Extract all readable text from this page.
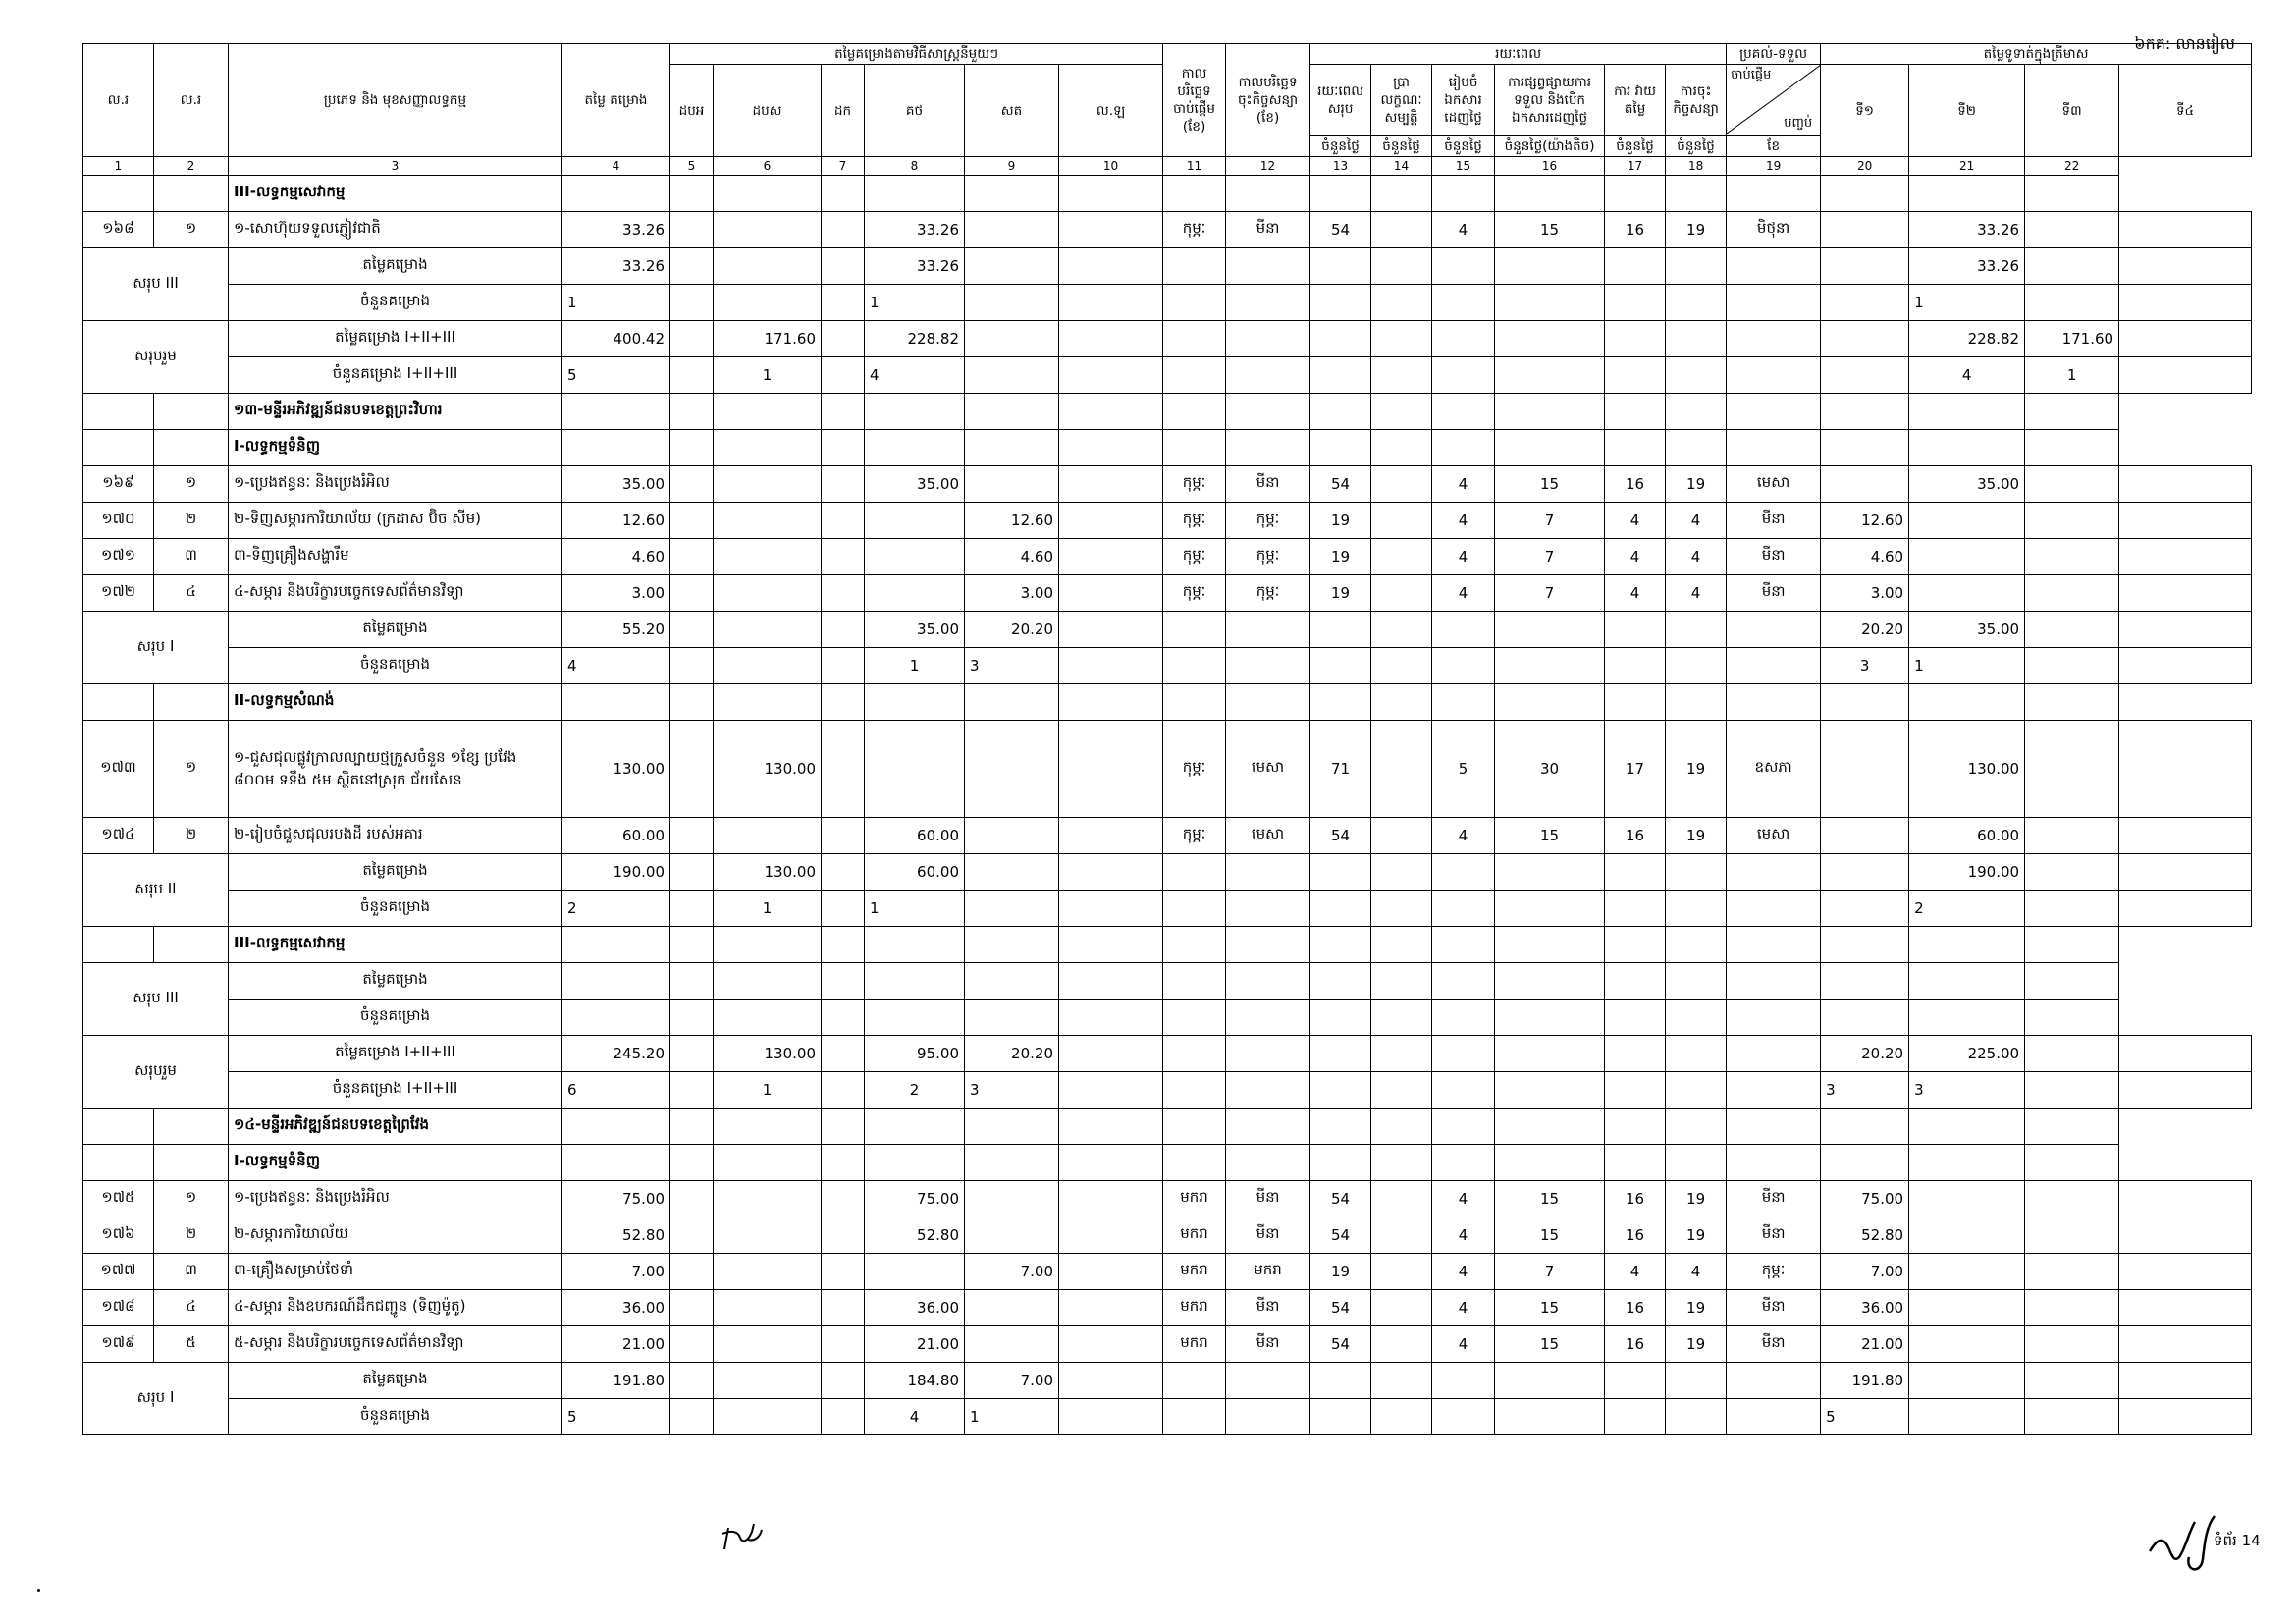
៦កគ: លានរៀល
ល.រ	ល.រ	ប្រភេទ និង មុខសញ្ញាលទ្ធកម្ម	តម្លៃ គម្រោង	តម្លៃគម្រោងតាមវិធីសាស្ត្រនីមួយៗ						កាល បរិច្ឆេទ ចាប់ផ្តើម (ខែ)	កាលបរិច្ឆេទ ចុះកិច្ចសន្យា (ខែ)	រយៈពេល						ប្រគល់-ទទួល	តម្លៃទូទាត់ក្នុងត្រីមាស			
				ដបអ	ដបស	ដក	គថ	សត	ល.ឡ			រយៈពេល សរុប	ប្រា លក្ខណៈ សម្បត្តិ	រៀបចំ ឯកសារ ដេញថ្លៃ	ការផ្សព្វផ្សាយការ ទទួល និងបើក ឯកសារដេញថ្លៃ	ការ វាយតម្លៃ	ការចុះ កិច្ចសន្យា	ចាប់ផ្តើម
បញ្ចប់	ទី១	ទី២	ទី៣	ទី៤
												ចំនួនថ្ងៃ	ចំនួនថ្ងៃ	ចំនួនថ្ងៃ	ចំនួនថ្ងៃ(យ៉ាងតិច)	ចំនួនថ្ងៃ	ចំនួនថ្ងៃ	ខែ				
1	2	3	4	5	6	7	8	9	10	11	12	13	14	15	16	17	18	19	20	21	22	
		III-លទ្ធកម្មសេវាកម្ម																				
១៦៨	១	១-សោហ៊ុយទទួលភ្ញៀវជាតិ	33.26				33.26			កុម្ភៈ	មីនា	54		4	15	16	19	មិថុនា		33.26		
សរុប III		តម្លៃគម្រោង	33.26				33.26													33.26		
		ចំនួនគម្រោង	1				1													1		
សរុបរួម		តម្លៃគម្រោង I+II+III	400.42		171.60		228.82													228.82	171.60	
		ចំនួនគម្រោង I+II+III	5		1		4													4	1	
		១៣-មន្ទីរអភិវឌ្ឍន៍ជនបទខេត្តព្រះវិហារ																				
		I-លទ្ធកម្មទំនិញ																				
១៦៩	១	១-ប្រេងឥន្ធនៈ និងប្រេងរំអិល	35.00				35.00			កុម្ភៈ	មីនា	54		4	15	16	19	មេសា		35.00		
១៧០	២	២-ទិញសម្ភារការិយាល័យ (ក្រដាស ប៊ិច សីម)	12.60					12.60		កុម្ភៈ	កុម្ភៈ	19		4	7	4	4	មីនា	12.60			
១៧១	៣	៣-ទិញគ្រឿងសង្ហារឹម	4.60					4.60		កុម្ភៈ	កុម្ភៈ	19		4	7	4	4	មីនា	4.60			
១៧២	៤	៤-សម្ភារ និងបរិក្ខារបច្ចេកទេសព័ត៌មានវិទ្យា	3.00					3.00		កុម្ភៈ	កុម្ភៈ	19		4	7	4	4	មីនា	3.00			
សរុប I		តម្លៃគម្រោង	55.20				35.00	20.20											20.20	35.00		
		ចំនួនគម្រោង	4				1	3											3	1		
		II-លទ្ធកម្មសំណង់																				
១៧៣	១	១-ជួសជុលផ្លូវក្រាលល្បាយថ្មក្រួសចំនួន ១ខ្សែ ប្រវែង ៨០០ម ទទឹង ៥ម ស្ថិតនៅស្រុក ជ័យសែន	130.00		130.00					កុម្ភៈ	មេសា	71		5	30	17	19	ឧសភា		130.00		
១៧៤	២	២-រៀបចំជួសជុលរបងដី របស់អគារ	60.00				60.00			កុម្ភៈ	មេសា	54		4	15	16	19	មេសា		60.00		
សរុប II		តម្លៃគម្រោង	190.00		130.00		60.00													190.00		
		ចំនួនគម្រោង	2		1		1													2		
		III-លទ្ធកម្មសេវាកម្ម																				
សរុប III		តម្លៃគម្រោង																				
		ចំនួនគម្រោង																				
សរុបរួម		តម្លៃគម្រោង I+II+III	245.20		130.00		95.00	20.20											20.20	225.00		
		ចំនួនគម្រោង I+II+III	6		1		2	3											3	3		
		១៤-មន្ទីរអភិវឌ្ឍន៍ជនបទខេត្តព្រៃវែង																				
		I-លទ្ធកម្មទំនិញ																				
១៧៥	១	១-ប្រេងឥន្ធនៈ និងប្រេងរំអិល	75.00				75.00			មករា	មីនា	54		4	15	16	19	មីនា	75.00			
១៧៦	២	២-សម្ភារការិយាល័យ	52.80				52.80			មករា	មីនា	54		4	15	16	19	មីនា	52.80			
១៧៧	៣	៣-គ្រឿងសម្រាប់ថែទាំ	7.00					7.00		មករា	មករា	19		4	7	4	4	កុម្ភៈ	7.00			
១៧៨	៤	៤-សម្ភារ និងឧបករណ៍ដឹកជញ្ជូន (ទិញម៉ូតូ)	36.00				36.00			មករា	មីនា	54		4	15	16	19	មីនា	36.00			
១៧៩	៥	៥-សម្ភារ និងបរិក្ខារបច្ចេកទេសព័ត៌មានវិទ្យា	21.00				21.00			មករា	មីនា	54		4	15	16	19	មីនា	21.00			
សរុប I		តម្លៃគម្រោង	191.80				184.80	7.00											191.80			
		ចំនួនគម្រោង	5				4	1											5			
ទំព័រ 14
